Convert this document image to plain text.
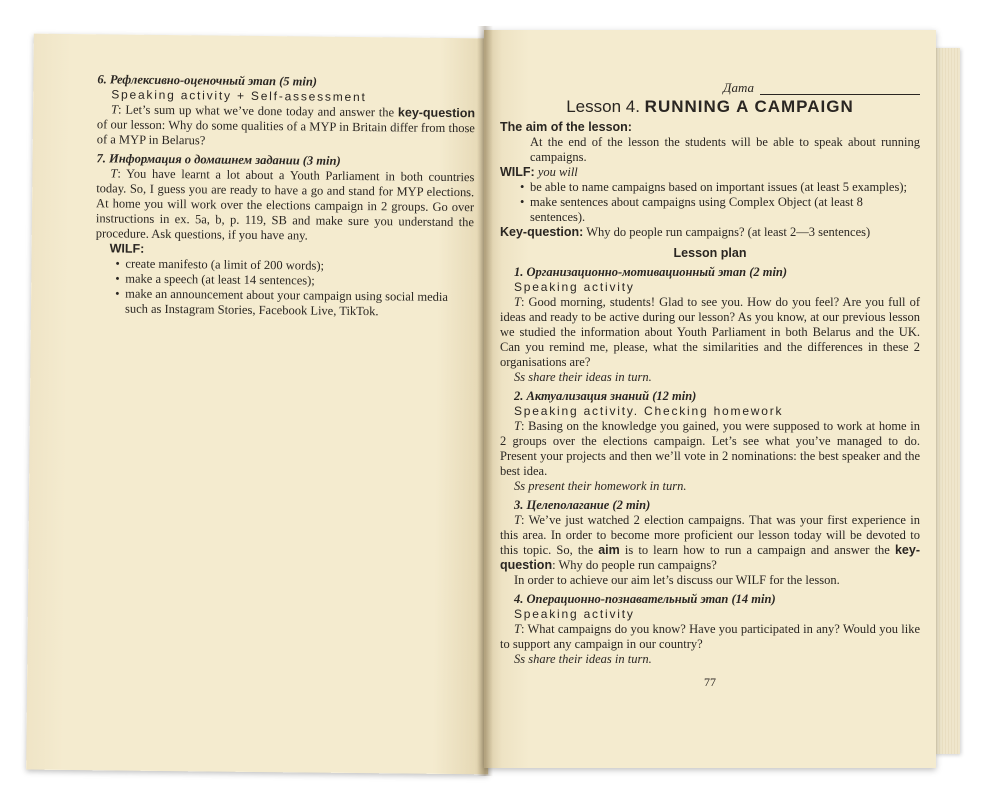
6. Рефлексивно-оценочный этап (5 min)

Speaking activity + Self-assessment

T: Let’s sum up what we’ve done today and answer the key-question of our lesson: Why do some qualities of a MYP in Britain differ from those of a MYP in Belarus?

7. Информация о домашнем задании (3 min)

T: You have learnt a lot about a Youth Parliament in both countries today. So, I guess you are ready to have a go and stand for MYP elections. At home you will work over the elections campaign in 2 groups. Go over instructions in ex. 5a, b, p. 119, SB and make sure you understand the procedure. Ask questions, if you have any.

WILF:

• create manifesto (a limit of 200 words);
• make a speech (at least 14 sentences);
• make an announcement about your campaign using social media such as Instagram Stories, Facebook Live, TikTok.
Дата
Lesson 4. RUNNING A CAMPAIGN

The aim of the lesson:

At the end of the lesson the students will be able to speak about running campaigns.

WILF: you will

• be able to name campaigns based on important issues (at least 5 examples);
• make sentences about campaigns using Complex Object (at least 8 sentences).

Key-question: Why do people run campaigns? (at least 2—3 sentences)

Lesson plan

1. Организационно-мотивационный этап (2 min)

Speaking activity

T: Good morning, students! Glad to see you. How do you feel? Are you full of ideas and ready to be active during our lesson? As you know, at our previous lesson we studied the information about Youth Parliament in both Belarus and the UK. Can you remind me, please, what the similarities and the differences in these 2 organisations are?

Ss share their ideas in turn.

2. Актуализация знаний (12 min)

Speaking activity. Checking homework

T: Basing on the knowledge you gained, you were supposed to work at home in 2 groups over the elections campaign. Let’s see what you’ve managed to do. Present your projects and then we’ll vote in 2 nominations: the best speaker and the best idea.

Ss present their homework in turn.

3. Целеполагание (2 min)

T: We’ve just watched 2 election campaigns. That was your first experience in this area. In order to become more proficient our lesson today will be devoted to this topic. So, the aim is to learn how to run a campaign and answer the key-question: Why do people run campaigns?

In order to achieve our aim let’s discuss our WILF for the lesson.

4. Операционно-познавательный этап (14 min)

Speaking activity

T: What campaigns do you know? Have you participated in any? Would you like to support any campaign in our country?

Ss share their ideas in turn.

77
